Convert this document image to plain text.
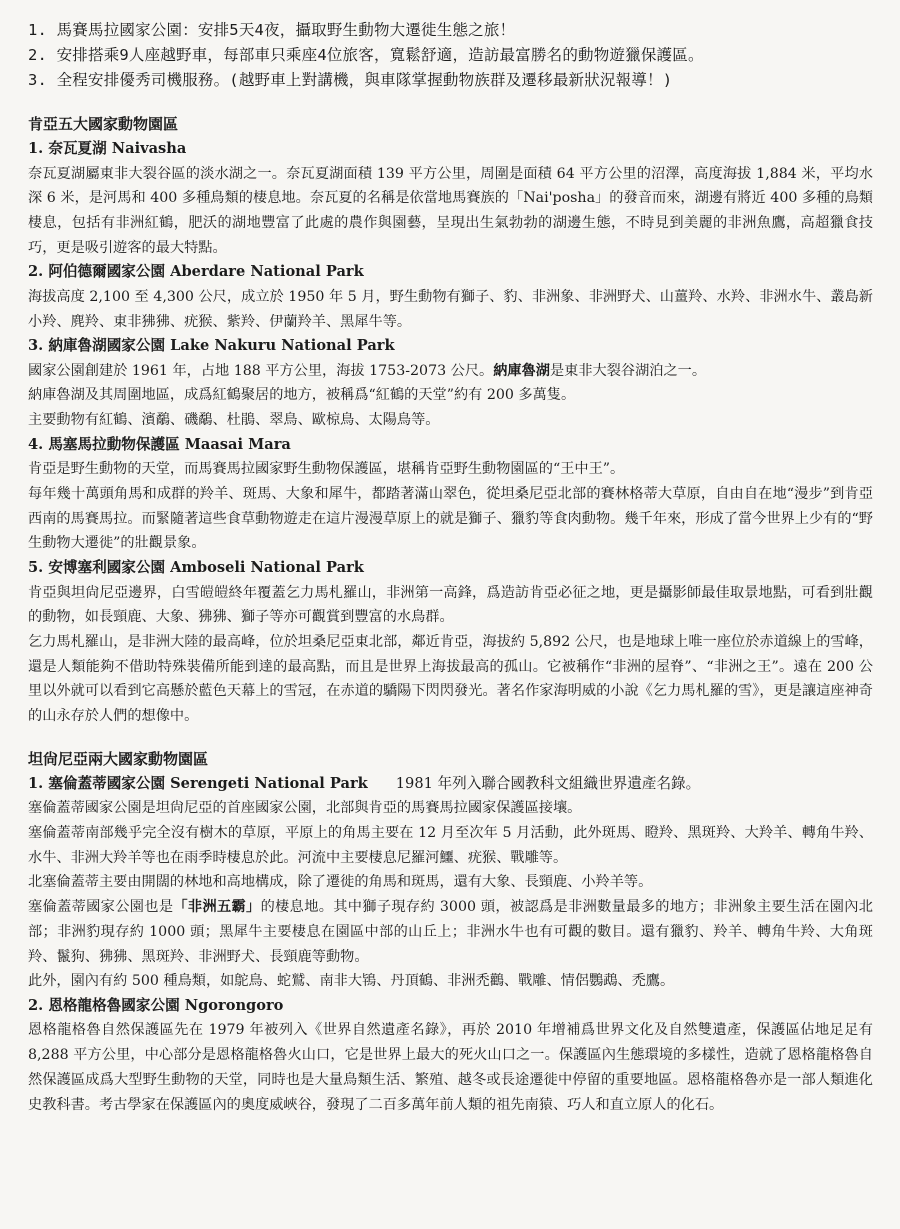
1. 馬賽馬拉國家公園：安排5天4夜，攝取野生動物大遷徙生態之旅！
2. 安排搭乘9人座越野車，每部車只乘座4位旅客，寬鬆舒適，造訪最富勝名的動物遊獵保護區。
3. 全程安排優秀司機服務。(越野車上對講機，與車隊掌握動物族群及遷移最新狀況報導！)
肯亞五大國家動物園區
1. 奈瓦夏湖 Naivasha

奈瓦夏湖屬東非大裂谷區的淡水湖之一。奈瓦夏湖面積 139 平方公里，周圍是面積 64 平方公里的沼澤，高度海拔 1,884 米，平均水深 6 米，是河馬和 400 多種鳥類的棲息地。奈瓦夏的名稱是依當地馬賽族的「Nai'posha」的發音而來，湖邊有將近 400 多種的鳥類棲息，包括有非洲紅鶴，肥沃的湖地豐富了此處的農作與園藝，呈現出生氣勃勃的湖邊生態，不時見到美麗的非洲魚鷹，高超獵食技巧，更是吸引遊客的最大特點。

2. 阿伯德爾國家公園 Aberdare National Park

海拔高度 2,100 至 4,300 公尺，成立於 1950 年 5 月，野生動物有獅子、豹、非洲象、非洲野犬、山薑羚、水羚、非洲水牛、叢島新小羚、麂羚、東非狒狒、疣猴、紫羚、伊蘭羚羊、黑犀牛等。

3. 納庫魯湖國家公園 Lake Nakuru National Park

國家公園創建於 1961 年，占地 188 平方公里，海拔 1753-2073 公尺。納庫魯湖是東非大裂谷湖泊之一。

納庫魯湖及其周圍地區，成爲紅鶴聚居的地方，被稱爲“紅鶴的天堂”約有 200 多萬隻。

主要動物有紅鶴、濱鷸、磯鷸、杜鵑、翠鳥、歐椋鳥、太陽鳥等。

4. 馬塞馬拉動物保護區 Maasai Mara

肯亞是野生動物的天堂，而馬賽馬拉國家野生動物保護區，堪稱肯亞野生動物園區的“王中王”。

每年幾十萬頭角馬和成群的羚羊、斑馬、大象和犀牛，都踏著滿山翠色，從坦桑尼亞北部的賽林格蒂大草原，自由自在地“漫步”到肯亞西南的馬賽馬拉。而緊隨著這些食草動物遊走在這片漫漫草原上的就是獅子、獵豹等食肉動物。幾千年來，形成了當今世界上少有的“野生動物大遷徙”的壯觀景象。

5. 安博塞利國家公園 Amboseli National Park

肯亞與坦尙尼亞邊界，白雪皚皚終年覆蓋乞力馬札羅山，非洲第一高鋒，爲造訪肯亞必征之地，更是攝影師最佳取景地點，可看到壯觀的動物，如長頸鹿、大象、狒狒、獅子等亦可觀賞到豐富的水鳥群。

乞力馬札羅山，是非洲大陸的最高峰，位於坦桑尼亞東北部，鄰近肯亞，海拔約 5,892 公尺，也是地球上唯一座位於赤道線上的雪峰，還是人類能夠不借助特殊裝備所能到達的最高點，而且是世界上海拔最高的孤山。它被稱作“非洲的屋脊”、“非洲之王”。遠在 200 公里以外就可以看到它高懸於藍色天幕上的雪冠，在赤道的驕陽下閃閃發光。著名作家海明威的小說《乞力馬札羅的雪》，更是讓這座神奇的山永存於人們的想像中。

坦尙尼亞兩大國家動物園區
1. 塞倫蓋蒂國家公園 Serengeti National Park 1981 年列入聯合國教科文組織世界遺產名錄。

塞倫蓋蒂國家公園是坦尙尼亞的首座國家公園，北部與肯亞的馬賽馬拉國家保護區接壤。

塞倫蓋蒂南部幾乎完全沒有樹木的草原，平原上的角馬主要在 12 月至次年 5 月活動，此外斑馬、瞪羚、黑斑羚、大羚羊、轉角牛羚、水牛、非洲大羚羊等也在雨季時棲息於此。河流中主要棲息尼羅河鱷、疣猴、戰雕等。

北塞倫蓋蒂主要由開闊的林地和高地構成，除了遷徙的角馬和斑馬，還有大象、長頸鹿、小羚羊等。

塞倫蓋蒂國家公園也是「非洲五霸」的棲息地。其中獅子現存約 3000 頭，被認爲是非洲數量最多的地方；非洲象主要生活在園內北部；非洲豹現存約 1000 頭；黑犀牛主要棲息在園區中部的山丘上；非洲水牛也有可觀的數目。還有獵豹、羚羊、轉角牛羚、大角斑羚、鬣狗、狒狒、黑斑羚、非洲野犬、長頸鹿等動物。

此外，園內有約 500 種鳥類，如鴕鳥、蛇鷲、南非大鴇、丹頂鶴、非洲禿鸛、戰雕、情侶鸚鵡、禿鷹。

2. 恩格龍格魯國家公園 Ngorongoro

恩格龍格魯自然保護區先在 1979 年被列入《世界自然遺產名錄》，再於 2010 年增補爲世界文化及自然雙遺產，保護區佔地足足有 8,288 平方公里，中心部分是恩格龍格魯火山口，它是世界上最大的死火山口之一。保護區內生態環境的多樣性，造就了恩格龍格魯自然保護區成爲大型野生動物的天堂，同時也是大量鳥類生活、繁殖、越冬或長途遷徙中停留的重要地區。恩格龍格魯亦是一部人類進化史教科書。考古學家在保護區內的奧度威峽谷，發現了二百多萬年前人類的祖先南猿、巧人和直立原人的化石。
